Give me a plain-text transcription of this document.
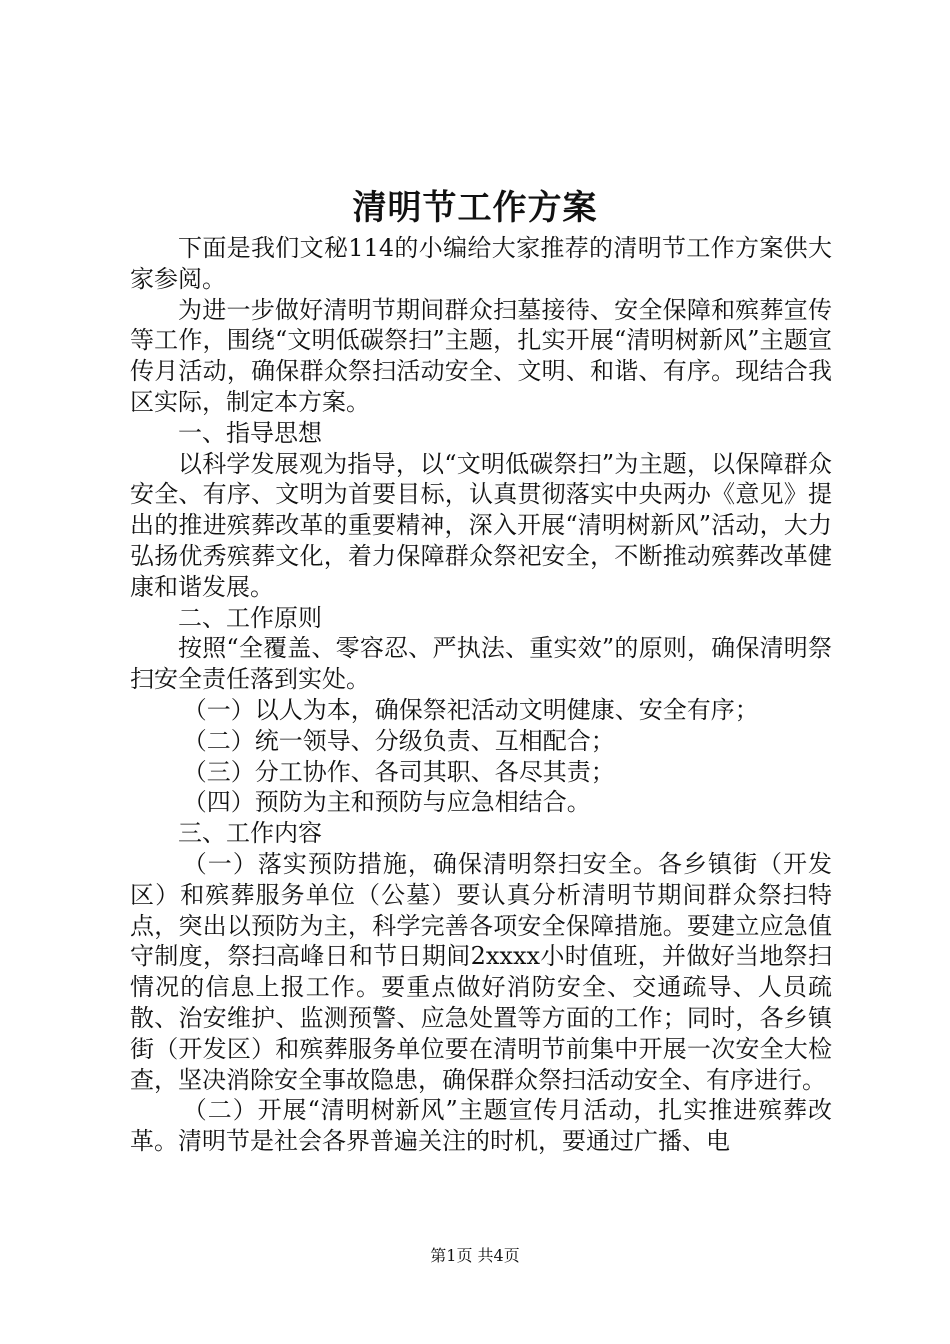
清明节工作方案

下面是我们文秘114的小编给大家推荐的清明节工作方案供大家参阅。

为进一步做好清明节期间群众扫墓接待、安全保障和殡葬宣传等工作，围绕“文明低碳祭扫”主题，扎实开展“清明树新风”主题宣传月活动，确保群众祭扫活动安全、文明、和谐、有序。现结合我区实际，制定本方案。

一、指导思想

以科学发展观为指导，以“文明低碳祭扫”为主题，以保障群众安全、有序、文明为首要目标，认真贯彻落实中央两办《意见》提出的推进殡葬改革的重要精神，深入开展“清明树新风”活动，大力弘扬优秀殡葬文化，着力保障群众祭祀安全，不断推动殡葬改革健康和谐发展。

二、工作原则

按照“全覆盖、零容忍、严执法、重实效”的原则，确保清明祭扫安全责任落到实处。

（一）以人为本，确保祭祀活动文明健康、安全有序；

（二）统一领导、分级负责、互相配合；

（三）分工协作、各司其职、各尽其责；

（四）预防为主和预防与应急相结合。

三、工作内容

（一）落实预防措施，确保清明祭扫安全。各乡镇街（开发区）和殡葬服务单位（公墓）要认真分析清明节期间群众祭扫特点，突出以预防为主，科学完善各项安全保障措施。要建立应急值守制度，祭扫高峰日和节日期间2xxxx小时值班，并做好当地祭扫情况的信息上报工作。要重点做好消防安全、交通疏导、人员疏散、治安维护、监测预警、应急处置等方面的工作；同时，各乡镇街（开发区）和殡葬服务单位要在清明节前集中开展一次安全大检查，坚决消除安全事故隐患，确保群众祭扫活动安全、有序进行。

（二）开展“清明树新风”主题宣传月活动，扎实推进殡葬改革。清明节是社会各界普遍关注的时机，要通过广播、电

第1页 共4页
